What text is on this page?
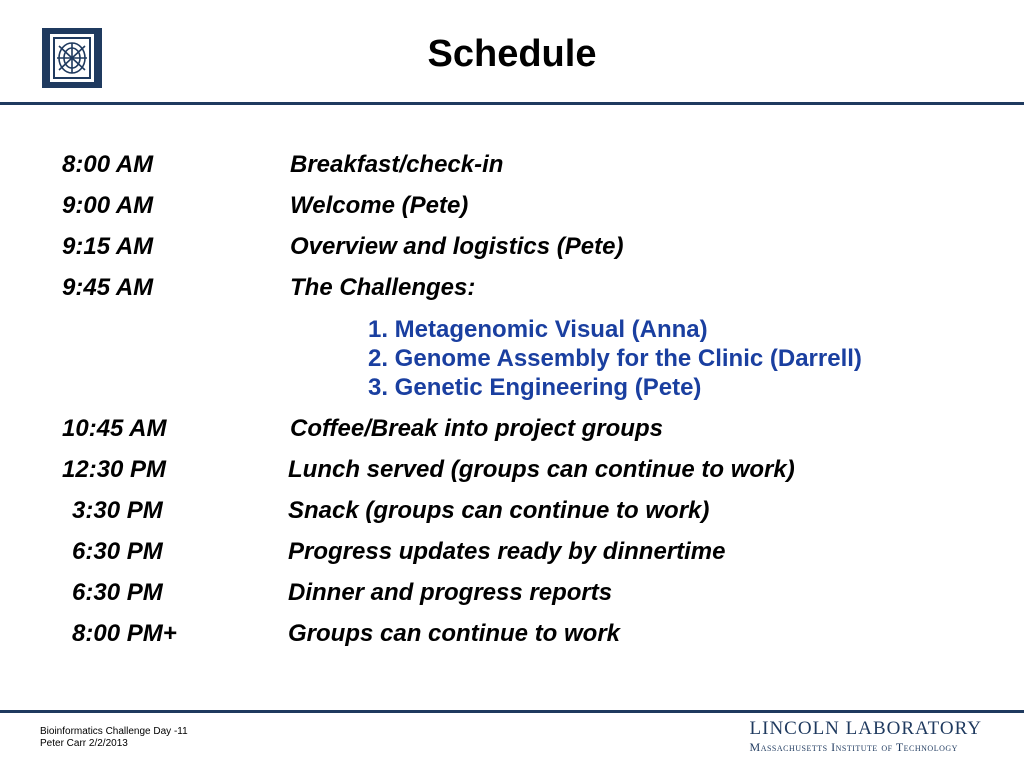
Schedule
8:00 AM	Breakfast/check-in
9:00 AM	Welcome (Pete)
9:15 AM	Overview and logistics (Pete)
9:45 AM	The Challenges:
1. Metagenomic Visual (Anna)
2. Genome Assembly for the Clinic (Darrell)
3. Genetic Engineering (Pete)
10:45 AM	Coffee/Break into project groups
12:30 PM	Lunch served (groups can continue to work)
3:30 PM	Snack (groups can continue to work)
6:30 PM	Progress updates ready by dinnertime
6:30 PM	Dinner and progress reports
8:00 PM+	Groups can continue to work
Bioinformatics Challenge Day -11
Peter Carr 2/2/2013
LINCOLN LABORATORY
Massachusetts Institute of Technology
